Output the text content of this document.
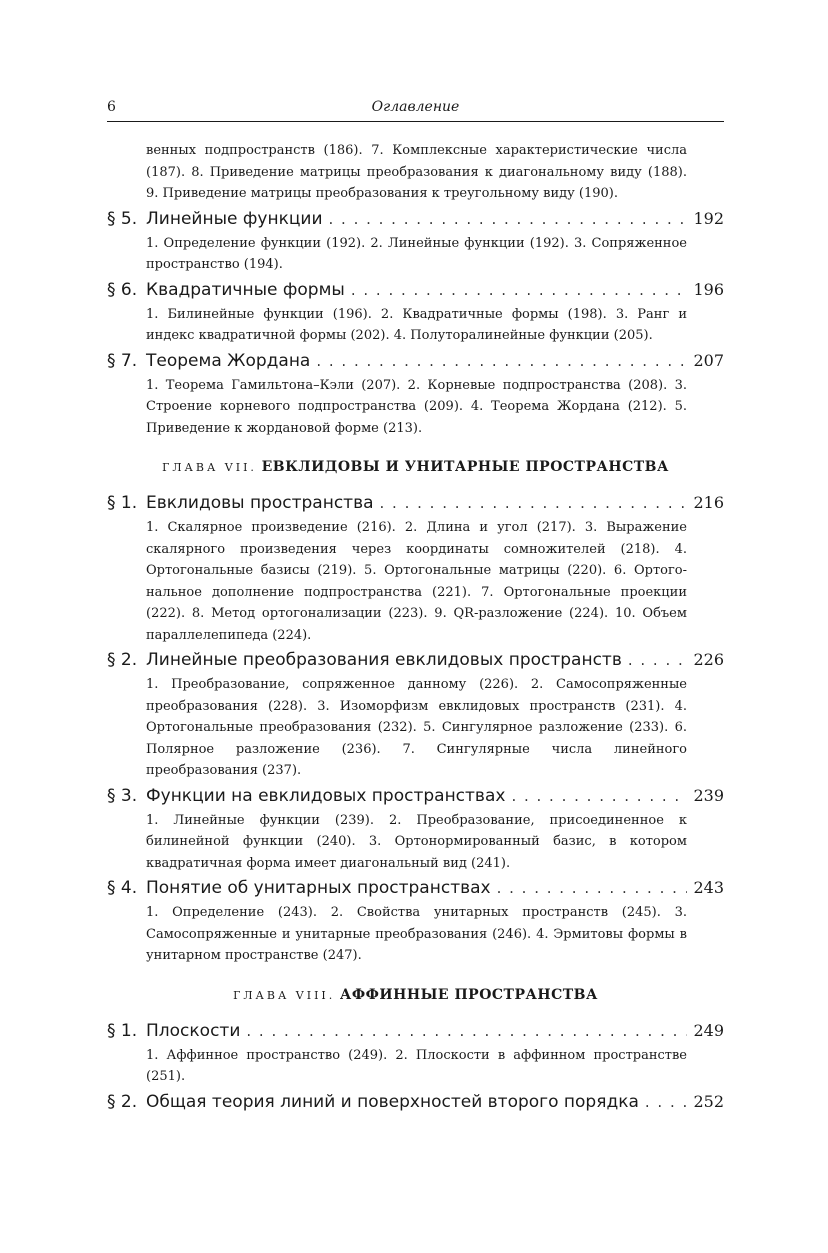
6	Оглавление
венных подпространств (186). 7. Комплексные характеристические числа (187). 8. Приведение матрицы преобразования к диагональному виду (188). 9. Приведение матрицы преобразования к треугольному виду (190).
§ 5. Линейные функции . . .	192
1. Определение функции (192). 2. Линейные функции (192). 3. Сопряженное пространство (194).
§ 6. Квадратичные формы . . .	196
1. Билинейные функции (196). 2. Квадратичные формы (198). 3. Ранг и индекс квадратичной формы (202). 4. Полуторалинейные функции (205).
§ 7. Теорема Жордана . . .	207
1. Теорема Гамильтона–Кэли (207). 2. Корневые подпространства (208). 3. Строение корневого подпространства (209). 4. Теорема Жордана (212). 5. Приведение к жордановой форме (213).
ГЛАВА VII. ЕВКЛИДОВЫ И УНИТАРНЫЕ ПРОСТРАНСТВА
§ 1. Евклидовы пространства . . .	216
1. Скалярное произведение (216). 2. Длина и угол (217). 3. Выражение скалярного произведения через координаты сомножителей (218). 4. Ортогональные базисы (219). 5. Ортогональные матрицы (220). 6. Ортого- нальное дополнение подпространства (221). 7. Ортогональные проекции (222). 8. Метод ортогонализации (223). 9. QR-разложение (224). 10. Объем параллелепипеда (224).
§ 2. Линейные преобразования евклидовых пространств . . .	226
1. Преобразование, сопряженное данному (226). 2. Самосопряженные преобразования (228). 3. Изоморфизм евклидовых пространств (231). 4. Ортогональные преобразования (232). 5. Сингулярное разложение (233). 6. Полярное разложение (236). 7. Сингулярные числа линейного преобразования (237).
§ 3. Функции на евклидовых пространствах . . .	239
1. Линейные функции (239). 2. Преобразование, присоединенное к билинейной функции (240). 3. Ортонормированный базис, в котором квадратичная форма имеет диагональный вид (241).
§ 4. Понятие об унитарных пространствах . . .	243
1. Определение (243). 2. Свойства унитарных пространств (245). 3. Самосопряженные и унитарные преобразования (246). 4. Эрмитовы формы в унитарном пространстве (247).
ГЛАВА VIII. АФФИННЫЕ ПРОСТРАНСТВА
§ 1. Плоскости . . .	249
1. Аффинное пространство (249). 2. Плоскости в аффинном пространстве (251).
§ 2. Общая теория линий и поверхностей второго порядка . . .	252
